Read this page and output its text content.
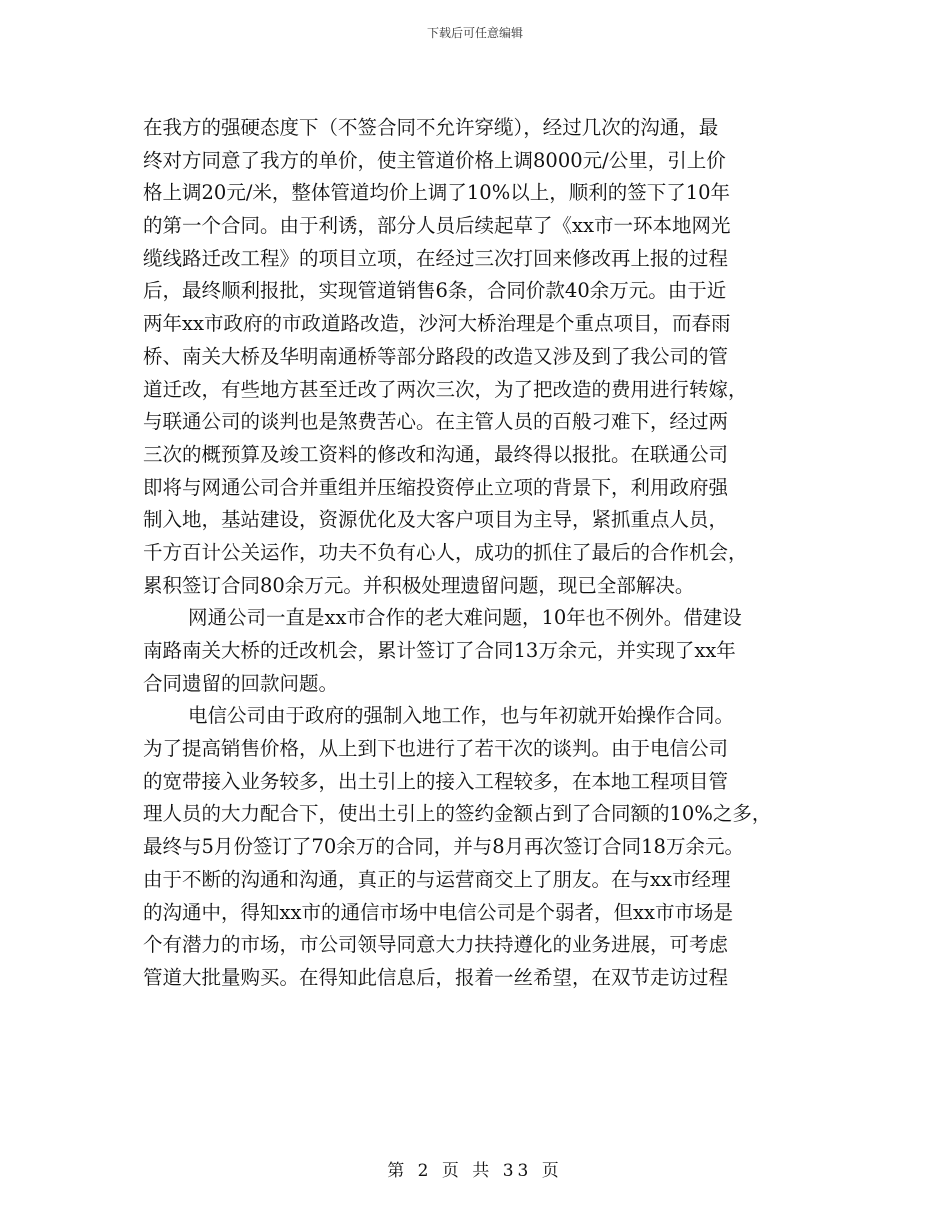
下载后可任意编辑
在我方的强硬态度下（不签合同不允许穿缆），经过几次的沟通，最
终对方同意了我方的单价，使主管道价格上调8000元/公里，引上价
格上调20元/米，整体管道均价上调了10%以上，顺利的签下了10年
的第一个合同。由于利诱，部分人员后续起草了《xx市一环本地网光
缆线路迁改工程》的项目立项，在经过三次打回来修改再上报的过程
后，最终顺利报批，实现管道销售6条，合同价款40余万元。由于近
两年xx市政府的市政道路改造，沙河大桥治理是个重点项目，而春雨
桥、南关大桥及华明南通桥等部分路段的改造又涉及到了我公司的管
道迁改，有些地方甚至迁改了两次三次，为了把改造的费用进行转嫁，
与联通公司的谈判也是煞费苦心。在主管人员的百般刁难下，经过两
三次的概预算及竣工资料的修改和沟通，最终得以报批。在联通公司
即将与网通公司合并重组并压缩投资停止立项的背景下，利用政府强
制入地，基站建设，资源优化及大客户项目为主导，紧抓重点人员，
千方百计公关运作，功夫不负有心人，成功的抓住了最后的合作机会，
累积签订合同80余万元。并积极处理遗留问题，现已全部解决。
网通公司一直是xx市合作的老大难问题，10年也不例外。借建设
南路南关大桥的迁改机会，累计签订了合同13万余元，并实现了xx年
合同遗留的回款问题。
电信公司由于政府的强制入地工作，也与年初就开始操作合同。
为了提高销售价格，从上到下也进行了若干次的谈判。由于电信公司
的宽带接入业务较多，出土引上的接入工程较多，在本地工程项目管
理人员的大力配合下，使出土引上的签约金额占到了合同额的10%之多，
最终与5月份签订了70余万的合同，并与8月再次签订合同18万余元。
由于不断的沟通和沟通，真正的与运营商交上了朋友。在与xx市经理
的沟通中，得知xx市的通信市场中电信公司是个弱者，但xx市市场是
个有潜力的市场，市公司领导同意大力扶持遵化的业务进展，可考虑
管道大批量购买。在得知此信息后，报着一丝希望，在双节走访过程
第 2 页 共 33 页
